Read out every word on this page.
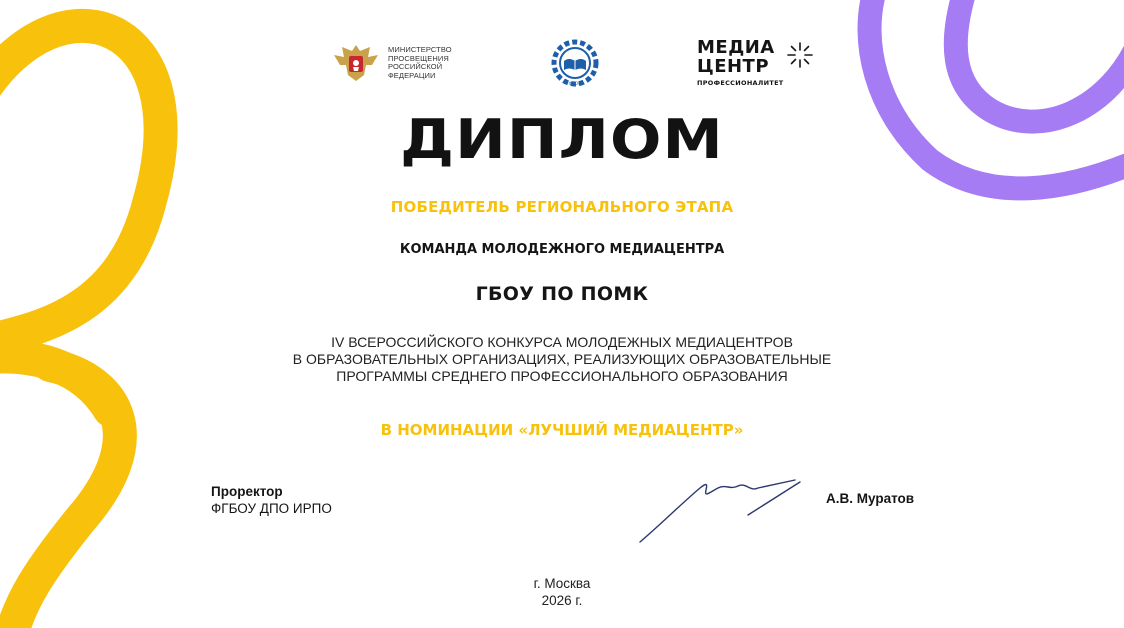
МИНИСТЕРСТВО
ПРОСВЕЩЕНИЯ
РОССИЙСКОЙ
ФЕДЕРАЦИИ
ФБОО
МЕДИА
ЦЕНТР
ПРОФЕССИОНАЛИТЕТ
ДИПЛОМ
ПОБЕДИТЕЛЬ РЕГИОНАЛЬНОГО ЭТАПА
КОМАНДА МОЛОДЕЖНОГО МЕДИАЦЕНТРА
ГБОУ ПО ПОМК
IV ВСЕРОССИЙСКОГО КОНКУРСА МОЛОДЕЖНЫХ МЕДИАЦЕНТРОВ
В ОБРАЗОВАТЕЛЬНЫХ ОРГАНИЗАЦИЯХ, РЕАЛИЗУЮЩИХ ОБРАЗОВАТЕЛЬНЫЕ
ПРОГРАММЫ СРЕДНЕГО ПРОФЕССИОНАЛЬНОГО ОБРАЗОВАНИЯ
В НОМИНАЦИИ «ЛУЧШИЙ МЕДИАЦЕНТР»
Проректор
ФГБОУ ДПО ИРПО
А.В. Муратов
г. Москва
2026 г.
